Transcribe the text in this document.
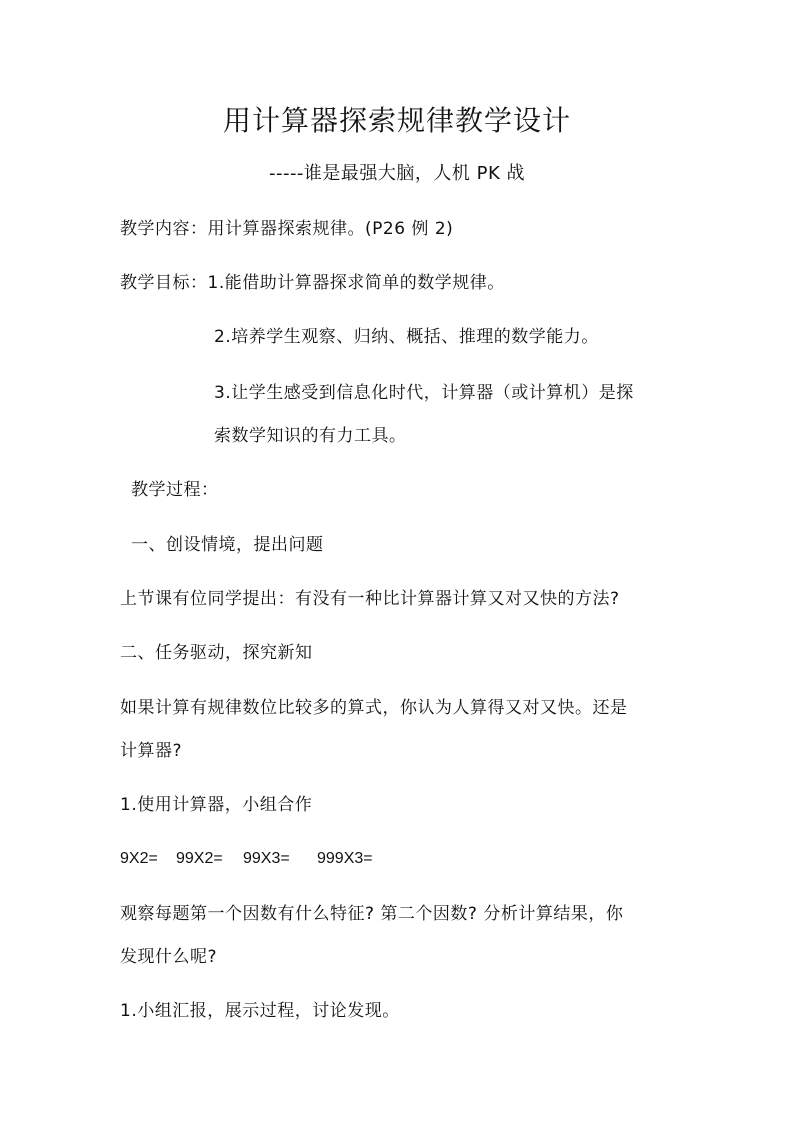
用计算器探索规律教学设计
-----谁是最强大脑，人机 PK 战
教学内容：用计算器探索规律。(P26 例 2)
教学目标：1.能借助计算器探求简单的数学规律。
2.培养学生观察、归纳、概括、推理的数学能力。
3.让学生感受到信息化时代，计算器（或计算机）是探
索数学知识的有力工具。
教学过程：
一、创设情境，提出问题
上节课有位同学提出：有没有一种比计算器计算又对又快的方法?
二、任务驱动，探究新知
如果计算有规律数位比较多的算式，你认为人算得又对又快。还是
计算器?
1.使用计算器，小组合作
9X2= 99X2= 99X3= 999X3=
观察每题第一个因数有什么特征? 第二个因数? 分析计算结果，你
发现什么呢?
1.小组汇报，展示过程，讨论发现。
